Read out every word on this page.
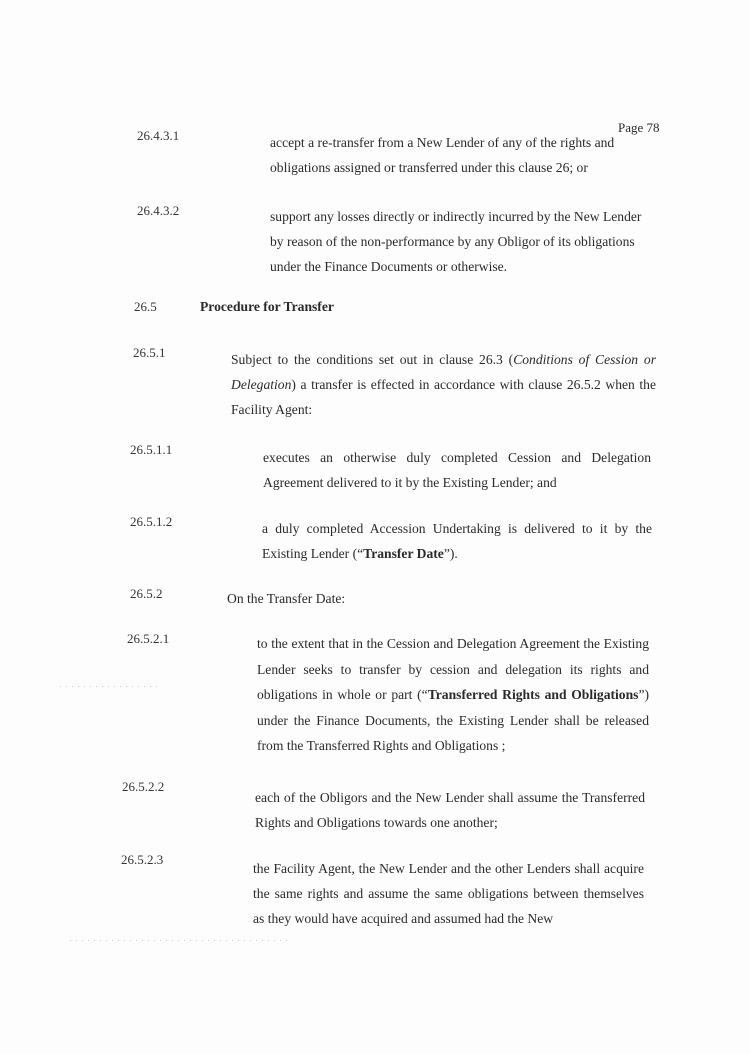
Page 78
26.4.3.1	accept a re-transfer from a New Lender of any of the rights and
obligations assigned or transferred under this clause 26; or
26.4.3.2	support any losses directly or indirectly incurred by the New Lender
by reason of the non-performance by any Obligor of its obligations
under the Finance Documents or otherwise.
26.5	Procedure for Transfer
26.5.1	Subject to the conditions set out in clause 26.3 (Conditions of Cession or Delegation) a transfer is effected in accordance with clause 26.5.2 when the Facility Agent:
26.5.1.1
executes an otherwise duly completed Cession and Delegation Agreement delivered to it by the Existing Lender; and
26.5.1.2	a duly completed Accession Undertaking is delivered to it by the Existing Lender (“Transfer Date”).
26.5.2	On the Transfer Date:
26.5.2.1	to the extent that in the Cession and Delegation Agreement the Existing Lender seeks to transfer by cession and delegation its rights and obligations in whole or part (“Transferred Rights and Obligations”) under the Finance Documents, the Existing Lender shall be released from the Transferred Rights and Obligations ;
26.5.2.2
each of the Obligors and the New Lender shall assume the Transferred Rights and Obligations towards one another;
26.5.2.3
the Facility Agent, the New Lender and the other Lenders shall acquire the same rights and assume the same obligations between themselves as they would have acquired and assumed had the New
